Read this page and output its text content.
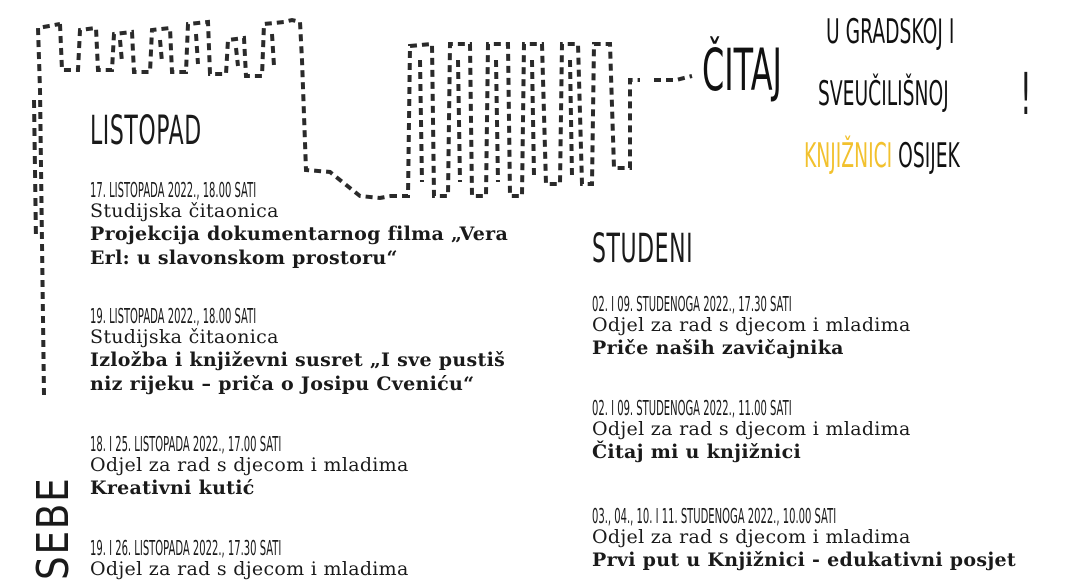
ČITAJ
U GRADSKOJ I
SVEUČILIŠNOJ
KNJIŽNICI OSIJEK
!
SEBE
LISTOPAD
17. LISTOPADA 2022., 18.00 SATI
Studijska čitaonica
Projekcija dokumentarnog filma „Vera
Erl: u slavonskom prostoru“
19. LISTOPADA 2022., 18.00 SATI
Studijska čitaonica
Izložba i književni susret „I sve pustiš
niz rijeku – priča o Josipu Cveniću“
18. I 25. LISTOPADA 2022., 17.00 SATI
Odjel za rad s djecom i mladima
Kreativni kutić
19. I 26. LISTOPADA 2022., 17.30 SATI
Odjel za rad s djecom i mladima
STUDENI
02. I 09. STUDENOGA 2022., 17.30 SATI
Odjel za rad s djecom i mladima
Priče naših zavičajnika
02. I 09. STUDENOGA 2022., 11.00 SATI
Odjel za rad s djecom i mladima
Čitaj mi u knjižnici
03., 04., 10. I 11. STUDENOGA 2022., 10.00 SATI
Odjel za rad s djecom i mladima
Prvi put u Knjižnici - edukativni posjet
